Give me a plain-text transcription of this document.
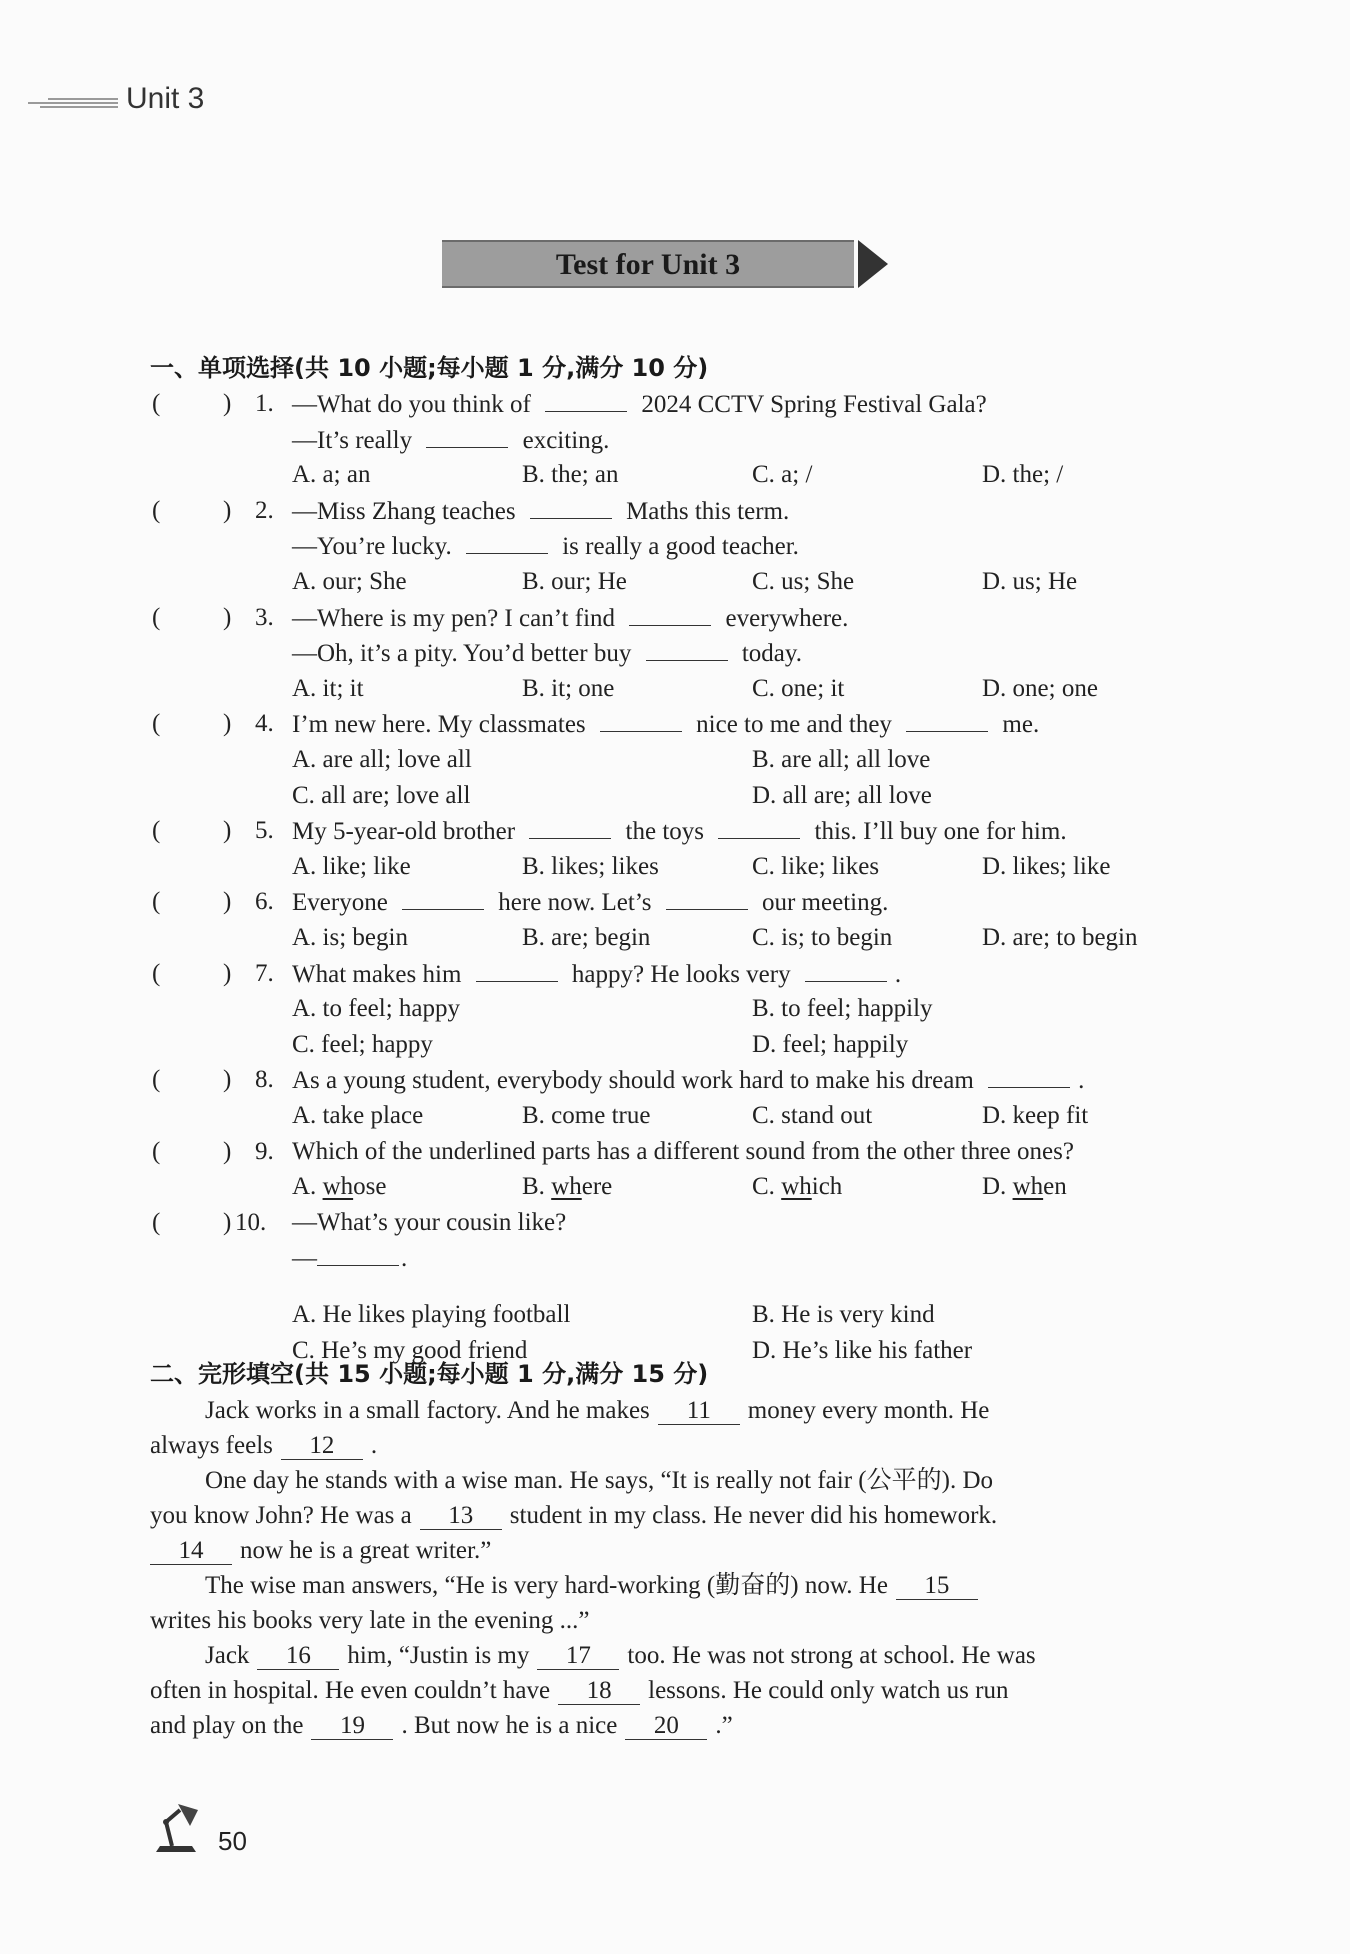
Unit 3
Test for Unit 3
一、单项选择(共 10 小题;每小题 1 分,满分 10 分)
(	) 1. —What do you think of	2024 CCTV Spring Festival Gala?
—It’s really	exciting.
A. a; an	B. the; an	C. a; /	D. the; /
(	) 2. —Miss Zhang teaches	Maths this term.
—You’re lucky.	is really a good teacher.
A. our; She	B. our; He	C. us; She	D. us; He
(	) 3. —Where is my pen? I can’t find	everywhere.
—Oh, it’s a pity. You’d better buy	today.
A. it; it	B. it; one	C. one; it	D. one; one
(	) 4. I’m new here. My classmates	nice to me and they	me.
A. are all; love all	B. are all; all love
C. all are; love all	D. all are; all love
(	) 5. My 5-year-old brother	the toys	this. I’ll buy one for him.
A. like; like	B. likes; likes	C. like; likes	D. likes; like
(	) 6. Everyone	here now. Let’s	our meeting.
A. is; begin	B. are; begin	C. is; to begin	D. are; to begin
(	) 7. What makes him	happy? He looks very	.
A. to feel; happy	B. to feel; happily
C. feel; happy	D. feel; happily
(	) 8. As a young student, everybody should work hard to make his dream	.
A. take place	B. come true	C. stand out	D. keep fit
(	) 9. Which of the underlined parts has a different sound from the other three ones?
A. whose	B. where	C. which	D. when
(	) 10. —What’s your cousin like?
—	.
A. He likes playing football	B. He is very kind
C. He’s my good friend	D. He’s like his father
二、完形填空(共 15 小题;每小题 1 分,满分 15 分)
Jack works in a small factory. And he makes 11 money every month. He
always feels 12 .
One day he stands with a wise man. He says, “It is really not fair (公平的). Do
you know John? He was a 13 student in my class. He never did his homework.
14 now he is a great writer.”
The wise man answers, “He is very hard-working (勤奋的) now. He 15
writes his books very late in the evening ...”
Jack 16 him, “Justin is my 17 too. He was not strong at school. He was
often in hospital. He even couldn’t have 18 lessons. He could only watch us run
and play on the 19 . But now he is a nice 20 .”
50
